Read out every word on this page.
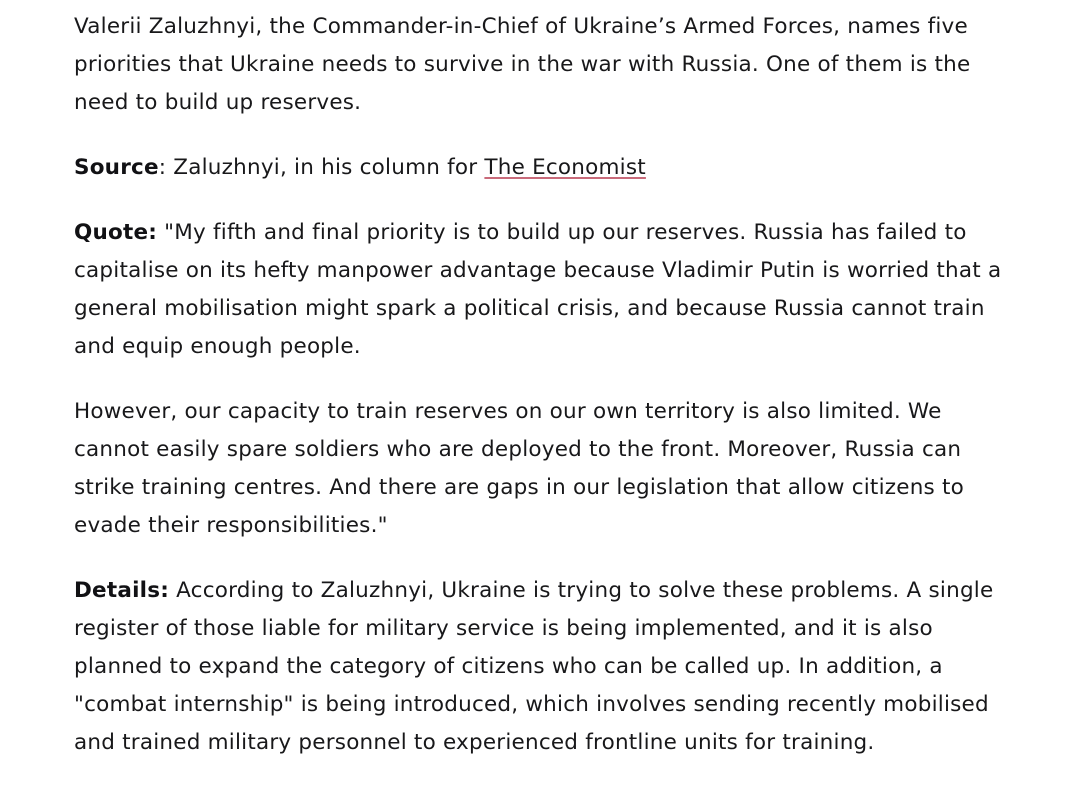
Valerii Zaluzhnyi, the Commander-in-Chief of Ukraine’s Armed Forces, names five priorities that Ukraine needs to survive in the war with Russia. One of them is the need to build up reserves.

Source: Zaluzhnyi, in his column for The Economist

Quote: "My fifth and final priority is to build up our reserves. Russia has failed to capitalise on its hefty manpower advantage because Vladimir Putin is worried that a general mobilisation might spark a political crisis, and because Russia cannot train and equip enough people.

However, our capacity to train reserves on our own territory is also limited. We cannot easily spare soldiers who are deployed to the front. Moreover, Russia can strike training centres. And there are gaps in our legislation that allow citizens to evade their responsibilities."

Details: According to Zaluzhnyi, Ukraine is trying to solve these problems. A single register of those liable for military service is being implemented, and it is also planned to expand the category of citizens who can be called up. In addition, a "combat internship" is being introduced, which involves sending recently mobilised and trained military personnel to experienced frontline units for training.
